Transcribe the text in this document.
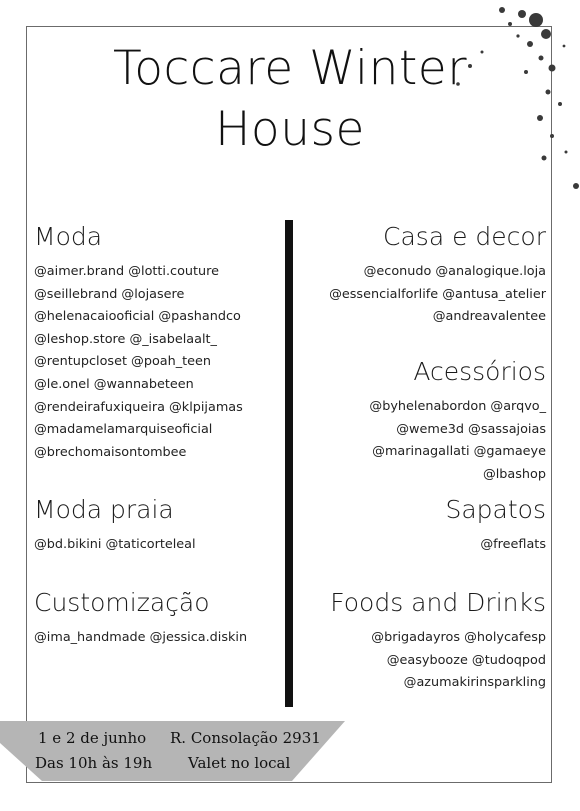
Toccare Winter
House
Moda
@aimer.brand @lotti.couture
@seillebrand @lojasere
@helenacaiooficial @pashandco
@leshop.store @_isabelaalt_
@rentupcloset @poah_teen
@le.onel @wannabeteen
@rendeirafuxiqueira @klpijamas
@madamelamarquiseoficial
@brechomaisontombee
Moda praia
@bd.bikini @taticorteleal
Customização
@ima_handmade @jessica.diskin
Casa e decor
@econudo @analogique.loja
@essencialforlife @antusa_atelier
@andreavalentee
Acessórios
@byhelenabordon @arqvo_
@weme3d @sassajoias
@marinagallati @gamaeye
@lbashop
Sapatos
@freeflats
Foods and Drinks
@brigadayros @holycafesp
@easybooze @tudoqpod
@azumakirinsparkling
1 e 2 de junho
Das 10h às 19h
R. Consolação 2931
Valet no local
